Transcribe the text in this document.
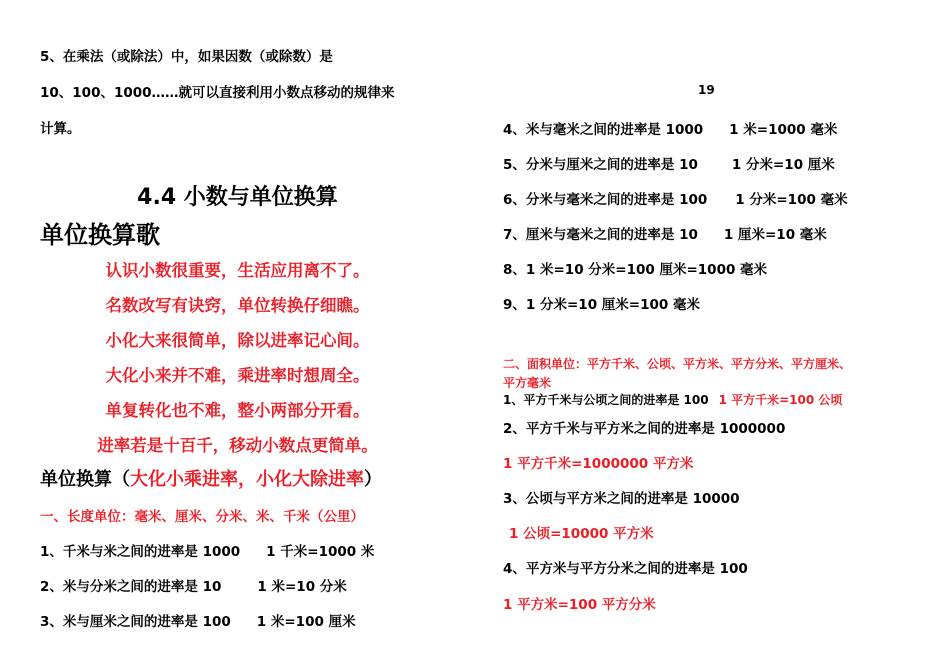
5、在乘法（或除法）中，如果因数（或除数）是

10、100、1000……就可以直接利用小数点移动的规律来

计算。

4.4 小数与单位换算

单位换算歌

认识小数很重要，生活应用离不了。

名数改写有诀窍，单位转换仔细瞧。

小化大来很简单，除以进率记心间。

大化小来并不难，乘进率时想周全。

单复转化也不难，整小两部分开看。

进率若是十百千，移动小数点更简单。

单位换算（大化小乘进率，小化大除进率）

一、长度单位：毫米、厘米、分米、米、千米（公里）

1、千米与米之间的进率是 1000 1 千米=1000 米

2、米与分米之间的进率是 10	1 米=10 分米

3、米与厘米之间的进率是 100 1 米=100 厘米

19

4、米与毫米之间的进率是 1000 1 米=1000 毫米

5、分米与厘米之间的进率是 10	1 分米=10 厘米

6、分米与毫米之间的进率是 100 1 分米=100 毫米

7、厘米与毫米之间的进率是 10 1 厘米=10 毫米

8、1 米=10 分米=100 厘米=1000 毫米

9、1 分米=10 厘米=100 毫米

二、面积单位：平方千米、公顷、平方米、平方分米、平方厘米、

平方毫米

1、平方千米与公顷之间的进率是 100 1 平方千米=100 公顷

2、平方千米与平方米之间的进率是 1000000

1 平方千米=1000000 平方米

3、公顷与平方米之间的进率是 10000

1 公顷=10000 平方米

4、平方米与平方分米之间的进率是 100

1 平方米=100 平方分米
